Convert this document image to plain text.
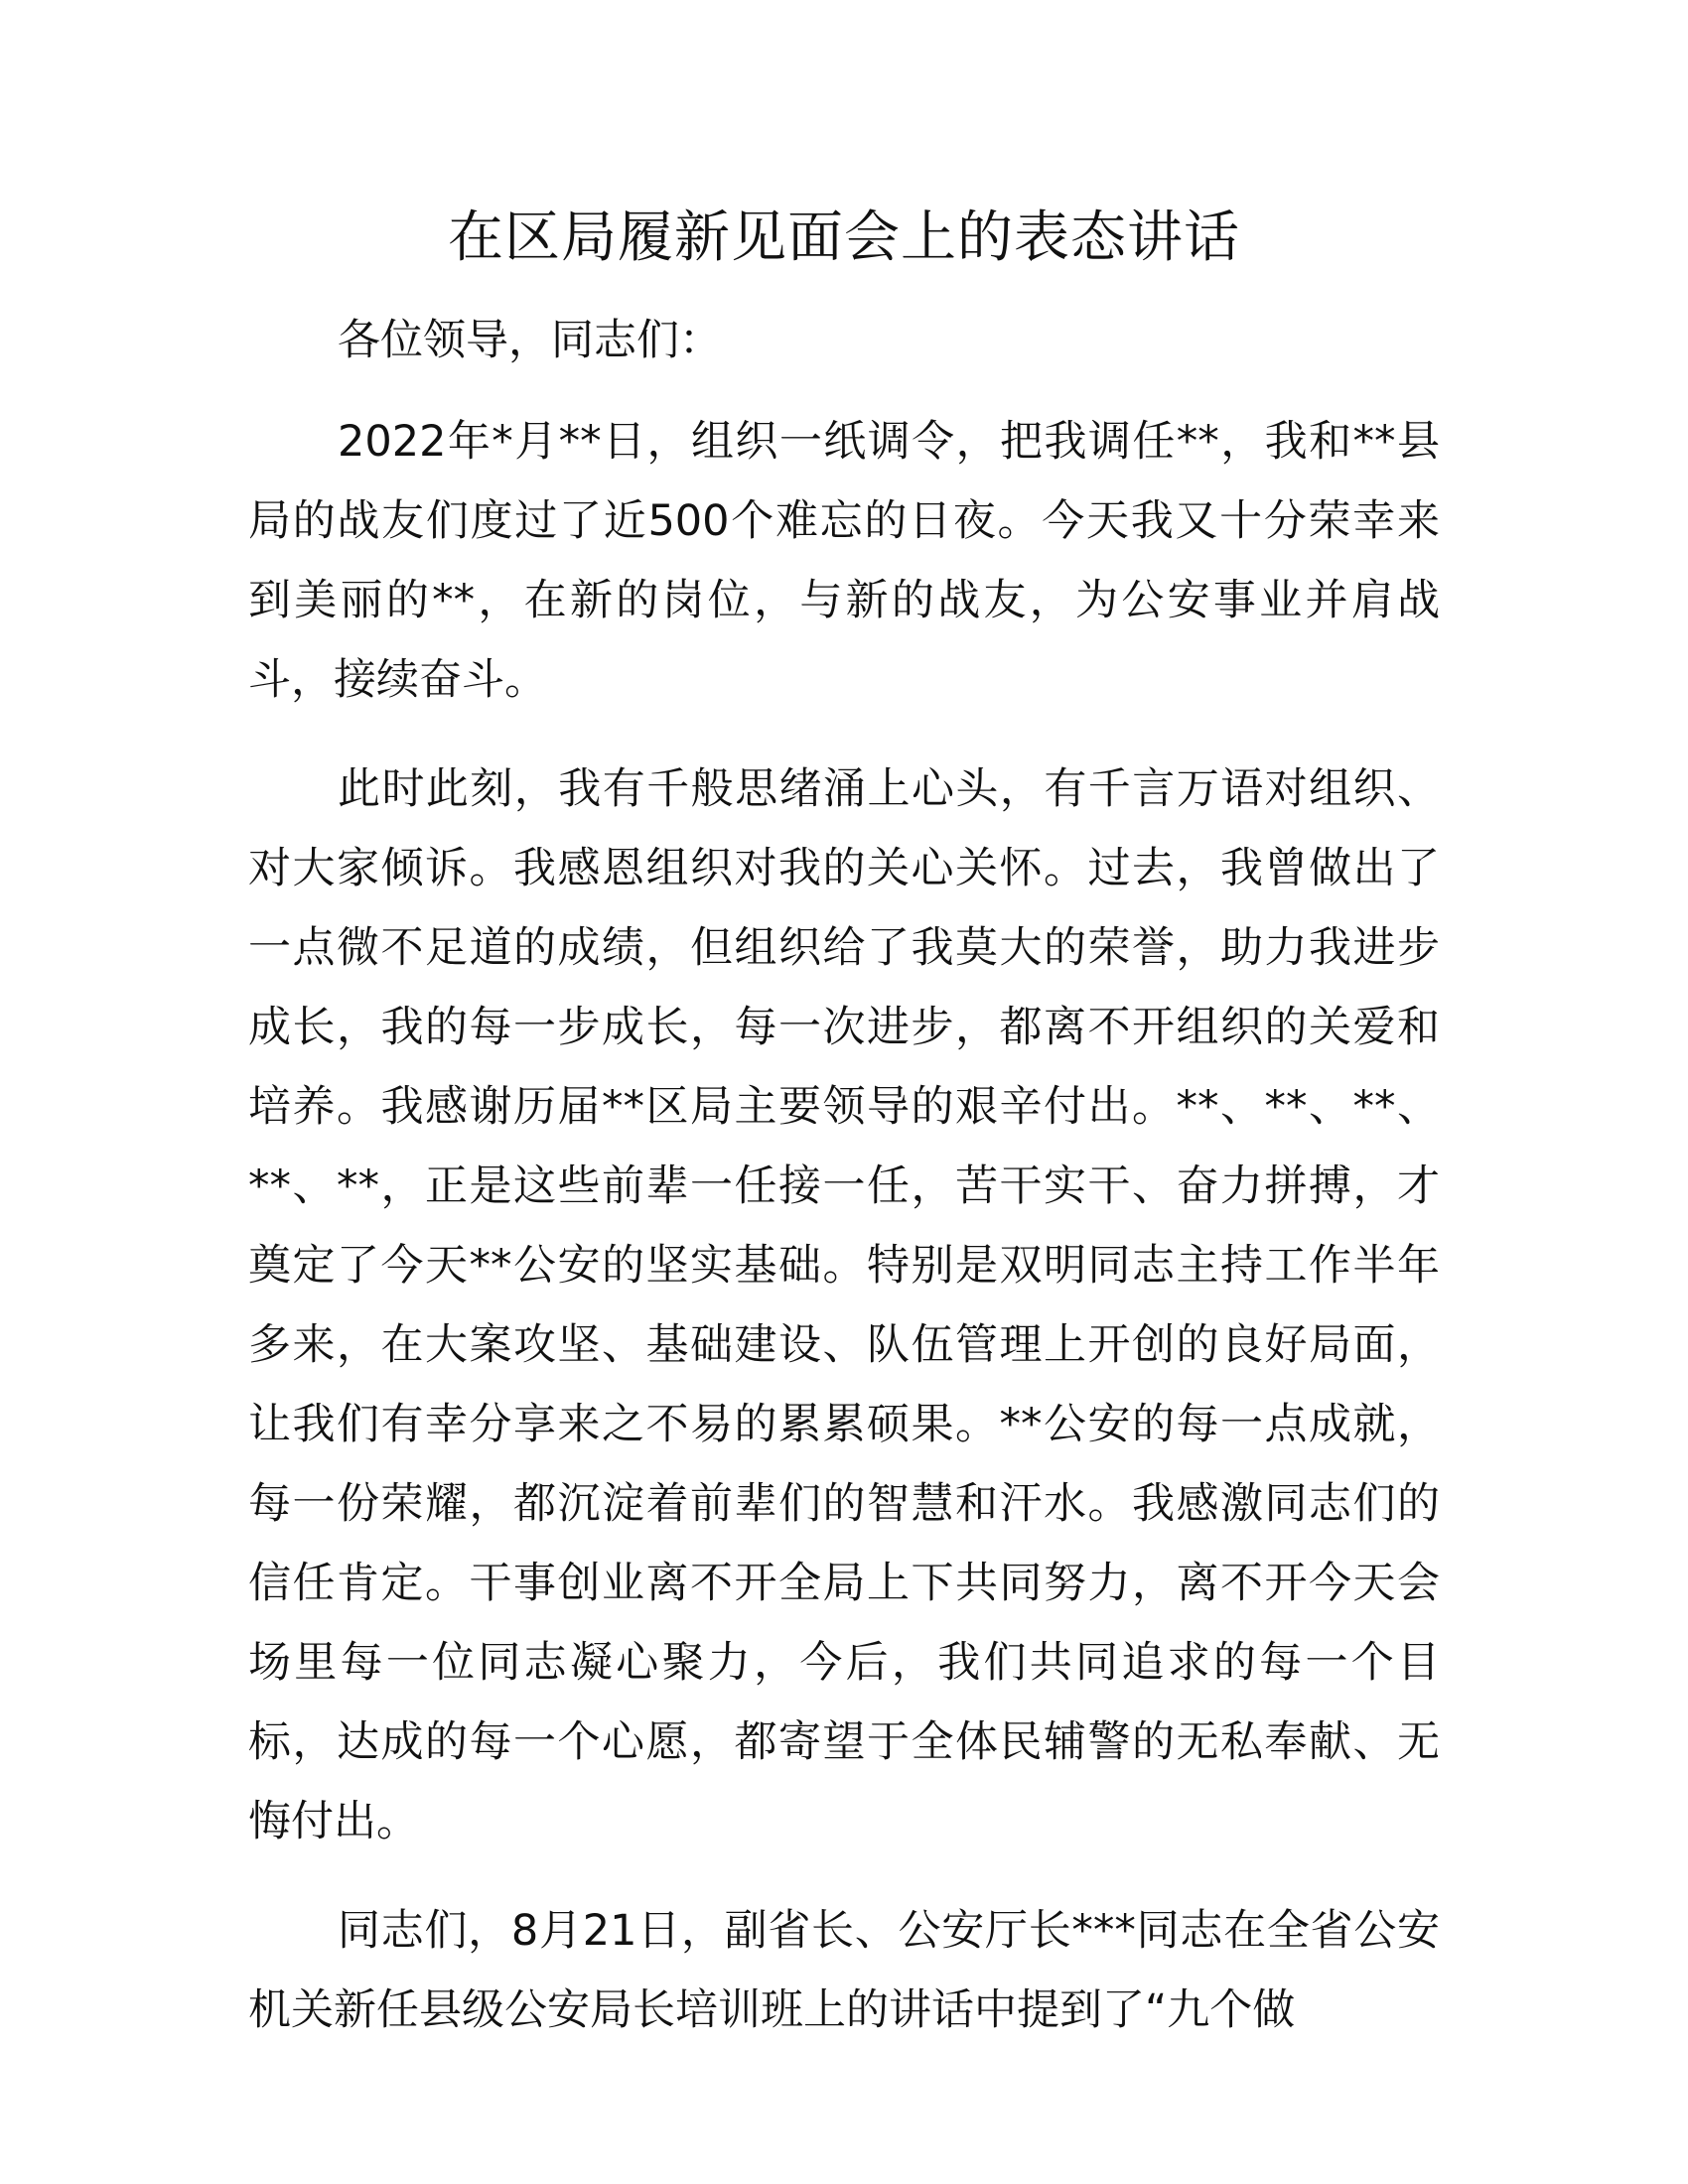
在区局履新见面会上的表态讲话

各位领导，同志们：

2022年*月**日，组织一纸调令，把我调任**，我和**县局的战友们度过了近500个难忘的日夜。今天我又十分荣幸来到美丽的**，在新的岗位，与新的战友，为公安事业并肩战斗，接续奋斗。

此时此刻，我有千般思绪涌上心头，有千言万语对组织、对大家倾诉。我感恩组织对我的关心关怀。过去，我曾做出了一点微不足道的成绩，但组织给了我莫大的荣誉，助力我进步成长，我的每一步成长，每一次进步，都离不开组织的关爱和培养。我感谢历届**区局主要领导的艰辛付出。**、**、**、**、**，正是这些前辈一任接一任，苦干实干、奋力拼搏，才奠定了今天**公安的坚实基础。特别是双明同志主持工作半年多来，在大案攻坚、基础建设、队伍管理上开创的良好局面，让我们有幸分享来之不易的累累硕果。**公安的每一点成就，每一份荣耀，都沉淀着前辈们的智慧和汗水。我感激同志们的信任肯定。干事创业离不开全局上下共同努力，离不开今天会场里每一位同志凝心聚力，今后，我们共同追求的每一个目标，达成的每一个心愿，都寄望于全体民辅警的无私奉献、无悔付出。

同志们，8月21日，副省长、公安厅长***同志在全省公安机关新任县级公安局长培训班上的讲话中提到了“九个做
